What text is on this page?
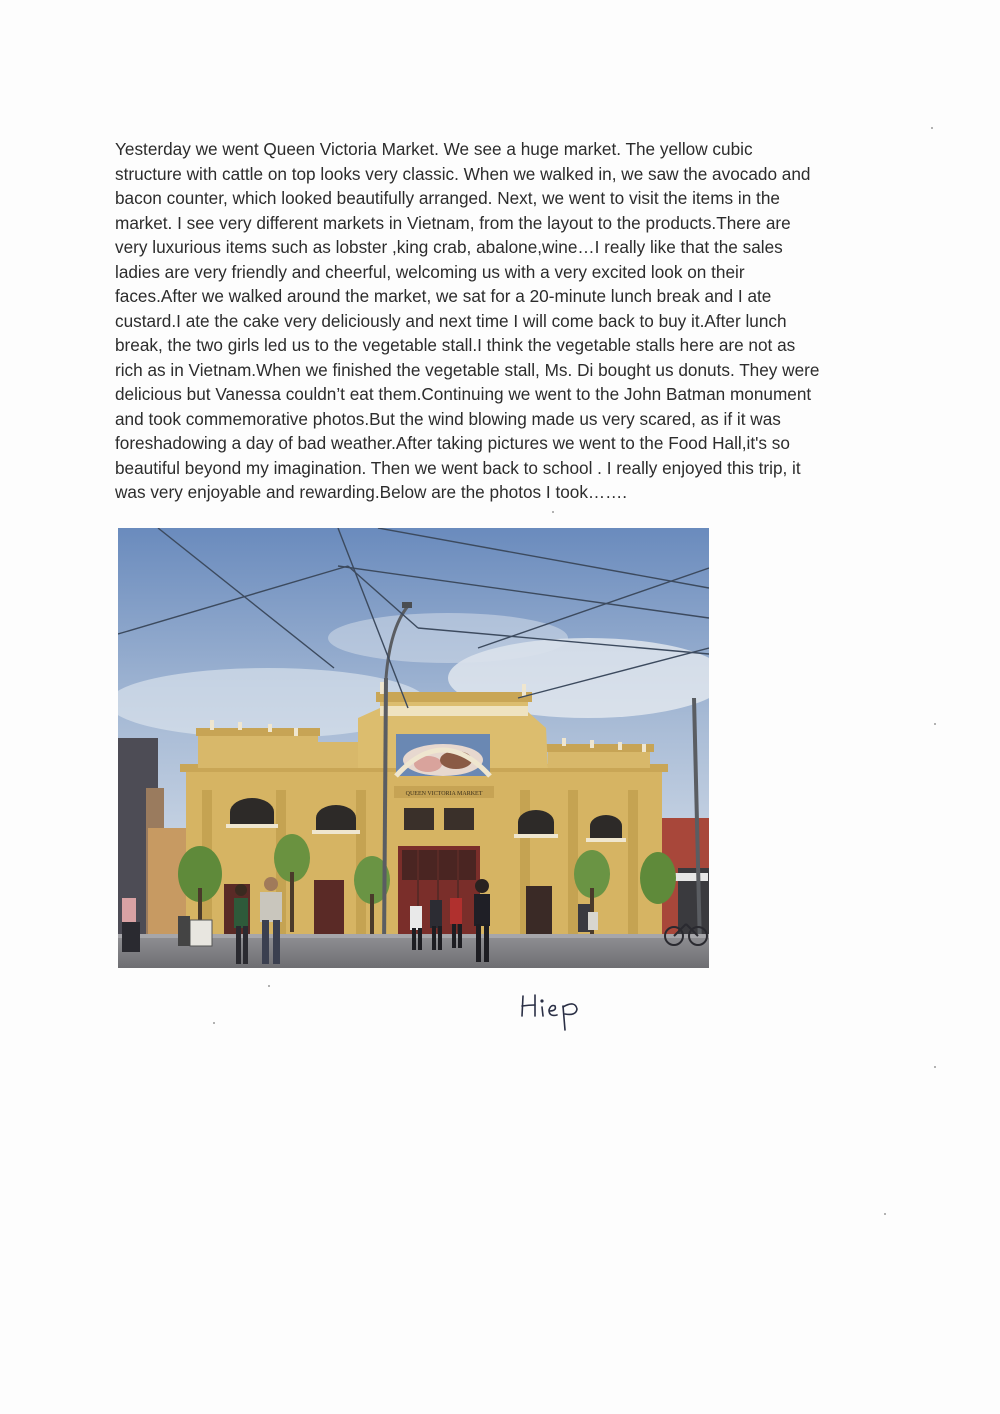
Yesterday we went Queen Victoria Market. We see a huge market. The yellow cubic
structure with cattle on top looks very classic. When we walked in, we saw the avocado and
bacon counter, which looked beautifully arranged. Next, we went to visit the items in the
market. I see very different markets in Vietnam, from the layout to the products.There are
very luxurious items such as lobster ,king crab, abalone,wine…I really like that the sales
ladies are very friendly and cheerful, welcoming us with a very excited look on their
faces.After we walked around the market, we sat for a 20-minute lunch break and I ate
custard.I ate the cake very deliciously and next time I will come back to buy it.After lunch
break, the two girls led us to the vegetable stall.I think the vegetable stalls here are not as
rich as in Vietnam.When we finished the vegetable stall, Ms. Di bought us donuts. They were
delicious but Vanessa couldn’t eat them.Continuing we went to the John Batman monument
and took commemorative photos.But the wind blowing made us very scared, as if it was
foreshadowing a day of bad weather.After taking pictures we went to the Food Hall,it's so
beautiful beyond my imagination. Then we went back to school . I really enjoyed this trip, it
was very enjoyable and rewarding.Below are the photos I took…….
QUEEN VICTORIA MARKET
